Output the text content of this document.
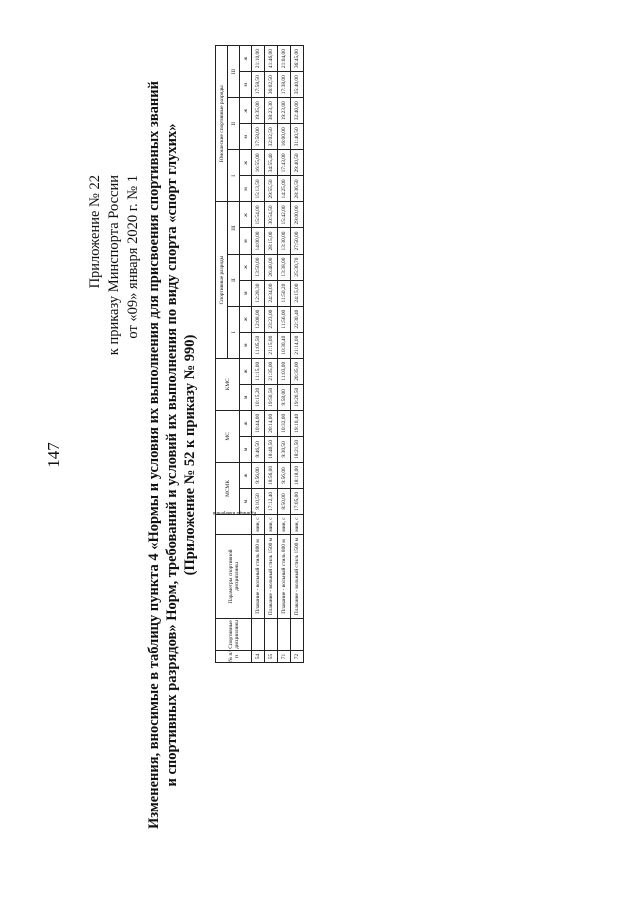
147
Приложение № 22 к приказу Минспорта России от «09» января 2020 г. № 1 Изменения, вносимые в таблицу пункта 4 «Нормы и условия их выполнения для присвоения спортивных званий и спортивных разрядов» Норм, требований и условий их выполнения по виду спорта «спорт глухих» (Приложение № 52 к приказу № 990)
№ п/п	Спортивные дисциплины	Параметры спортивной дисциплины	Единицы измерения	МСМК		МС		КМС		Спортивные разряды						Юношеские спортивные разряды					
										I		II		III		I		II		III	
				м	ж	м	ж	м	ж	м	ж	м	ж	м	ж	м	ж	м	ж	м	ж
54		Плавание - вольный стиль 800 м	мин, с	9:10,50	9:56,00	9:46,50	10:44,00	10:15,20	11:15,00	11:05,50	12:08,00	12:28,30	13:50,00	14:00,00	15:54,00	15:13,50	16:55,00	17:58,00	19:35,00	17:58,50	21:10,00
55		Плавание - вольный стиль 1500 м	мин, с	17:12,40	18:56,00	18:40,50	20:14,00	19:50,50	21:35,00	21:15,00	23:23,00	24:34,00	26:40,00	28:15,00	30:54,50	29:55,50	34:55,40	32:02,50	38:23,30	36:02,50	41:46,00
71		Плавание - вольный стиль 800 м	мин, с	8:50,00	9:56,00	9:30,50	10:32,00	9:58,00	11:03,00	10:30,40	11:56,00	11:50,20	13:38,00	13:30,00	15:42,00	14:25,00	17:43,00	16:00,00	19:23,00	17:38,00	21:04,00
72		Плавание - вольный стиль 1500 м	мин, с	17:05,00	18:18,00	18:21,50	19:10,40	19:20,50	20:35,00	21:14,00	22:30,40	24:15,00	25:30,70	27:50,00	29:00,00	28:36,50	29:40,50	31:40,50	32:40,00	35:40,00	36:45,00
